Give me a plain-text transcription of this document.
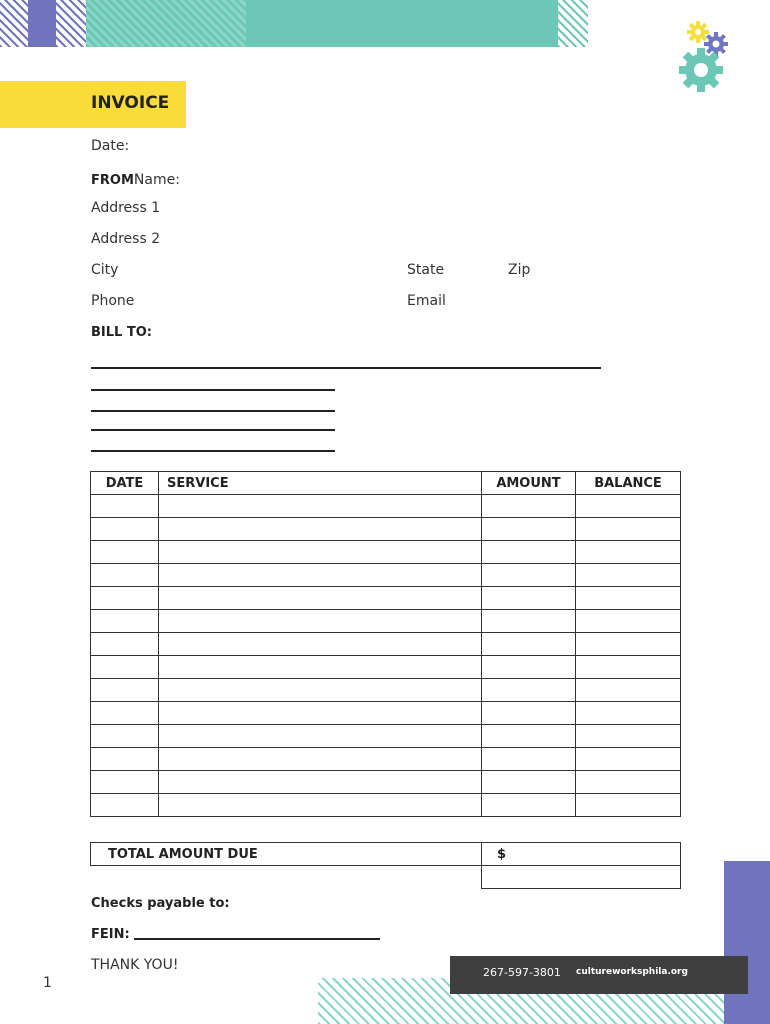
INVOICE
Date:
FROMName:
Address 1
Address 2
City	State	Zip
Phone	Email
BILL TO:
DATE	SERVICE	AMOUNT	BALANCE

TOTAL AMOUNT DUE	$

Checks payable to:
FEIN:
THANK YOU!
1
267-597-3801 cultureworksphila.org
